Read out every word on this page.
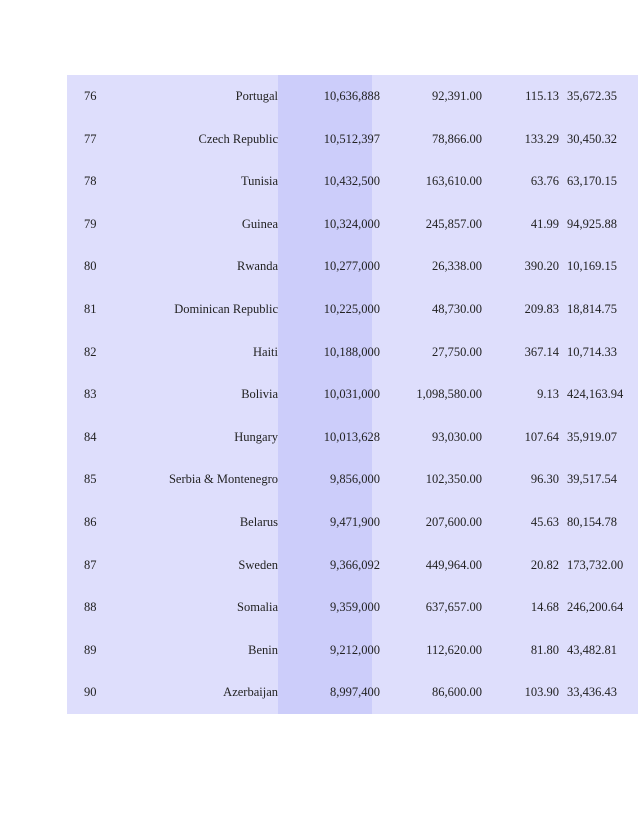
76	Portugal	10,636,888	92,391.00	115.13	35,672.35
77	Czech Republic	10,512,397	78,866.00	133.29	30,450.32
78	Tunisia	10,432,500	163,610.00	63.76	63,170.15
79	Guinea	10,324,000	245,857.00	41.99	94,925.88
80	Rwanda	10,277,000	26,338.00	390.20	10,169.15
81	Dominican Republic	10,225,000	48,730.00	209.83	18,814.75
82	Haiti	10,188,000	27,750.00	367.14	10,714.33
83	Bolivia	10,031,000	1,098,580.00	9.13	424,163.94
84	Hungary	10,013,628	93,030.00	107.64	35,919.07
85	Serbia & Montenegro	9,856,000	102,350.00	96.30	39,517.54
86	Belarus	9,471,900	207,600.00	45.63	80,154.78
87	Sweden	9,366,092	449,964.00	20.82	173,732.00
88	Somalia	9,359,000	637,657.00	14.68	246,200.64
89	Benin	9,212,000	112,620.00	81.80	43,482.81
90	Azerbaijan	8,997,400	86,600.00	103.90	33,436.43
